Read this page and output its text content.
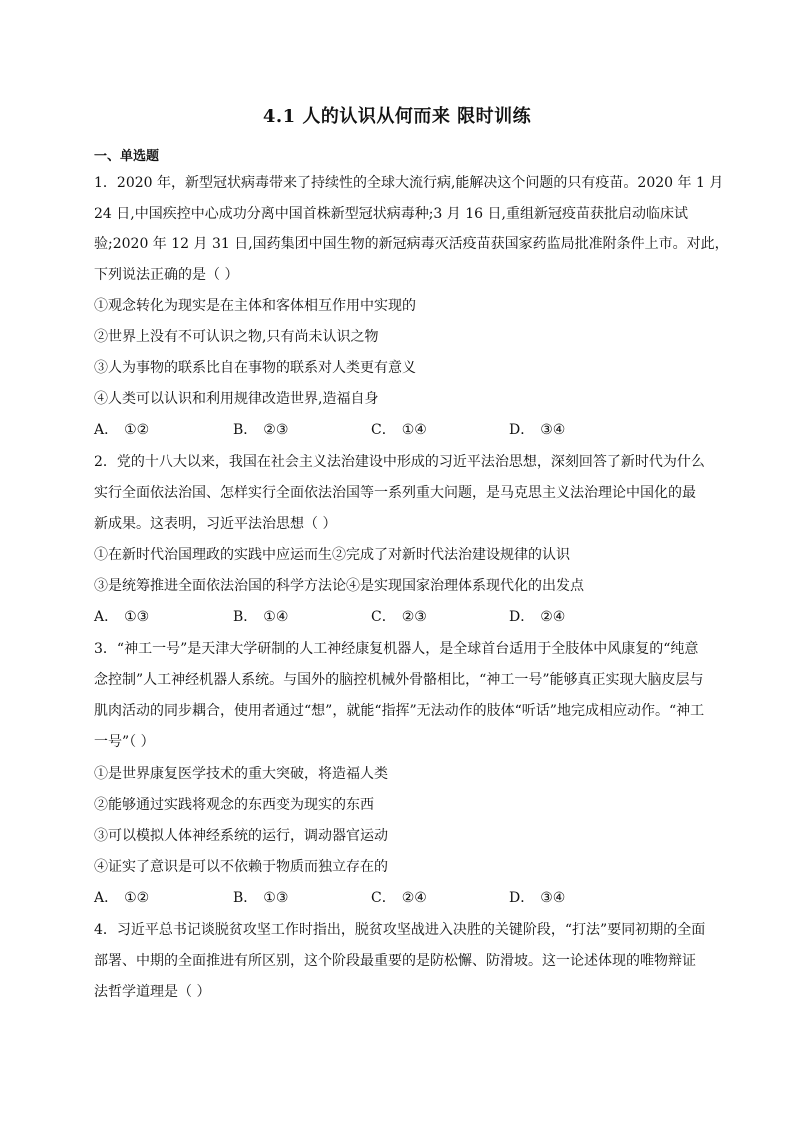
4.1 人的认识从何而来 限时训练
一、单选题
1．2020 年，新型冠状病毒带来了持续性的全球大流行病,能解决这个问题的只有疫苗。2020 年 1 月
24 日,中国疾控中心成功分离中国首株新型冠状病毒种;3 月 16 日,重组新冠疫苗获批启动临床试
验;2020 年 12 月 31 日,国药集团中国生物的新冠病毒灭活疫苗获国家药监局批准附条件上市。对此，
下列说法正确的是（ ）
①观念转化为现实是在主体和客体相互作用中实现的
②世界上没有不可认识之物,只有尚未认识之物
③人为事物的联系比自在事物的联系对人类更有意义
④人类可以认识和利用规律改造世界,造福自身
A． ①②	B． ②③	C． ①④	D． ③④
2．党的十八大以来，我国在社会主义法治建设中形成的习近平法治思想，深刻回答了新时代为什么
实行全面依法治国、怎样实行全面依法治国等一系列重大问题，是马克思主义法治理论中国化的最
新成果。这表明，习近平法治思想（ ）
①在新时代治国理政的实践中应运而生②完成了对新时代法治建设规律的认识
③是统筹推进全面依法治国的科学方法论④是实现国家治理体系现代化的出发点
A． ①③	B． ①④	C． ②③	D． ②④
3．“神工一号”是天津大学研制的人工神经康复机器人，是全球首台适用于全肢体中风康复的“纯意
念控制”人工神经机器人系统。与国外的脑控机械外骨骼相比，“神工一号”能够真正实现大脑皮层与
肌肉活动的同步耦合，使用者通过“想”，就能“指挥”无法动作的肢体“听话”地完成相应动作。“神工
一号”（ ）
①是世界康复医学技术的重大突破，将造福人类
②能够通过实践将观念的东西变为现实的东西
③可以模拟人体神经系统的运行，调动器官运动
④证实了意识是可以不依赖于物质而独立存在的
A． ①②	B． ①③	C． ②④	D． ③④
4．习近平总书记谈脱贫攻坚工作时指出，脱贫攻坚战进入决胜的关键阶段，“打法”要同初期的全面
部署、中期的全面推进有所区别，这个阶段最重要的是防松懈、防滑坡。这一论述体现的唯物辩证
法哲学道理是（ ）
